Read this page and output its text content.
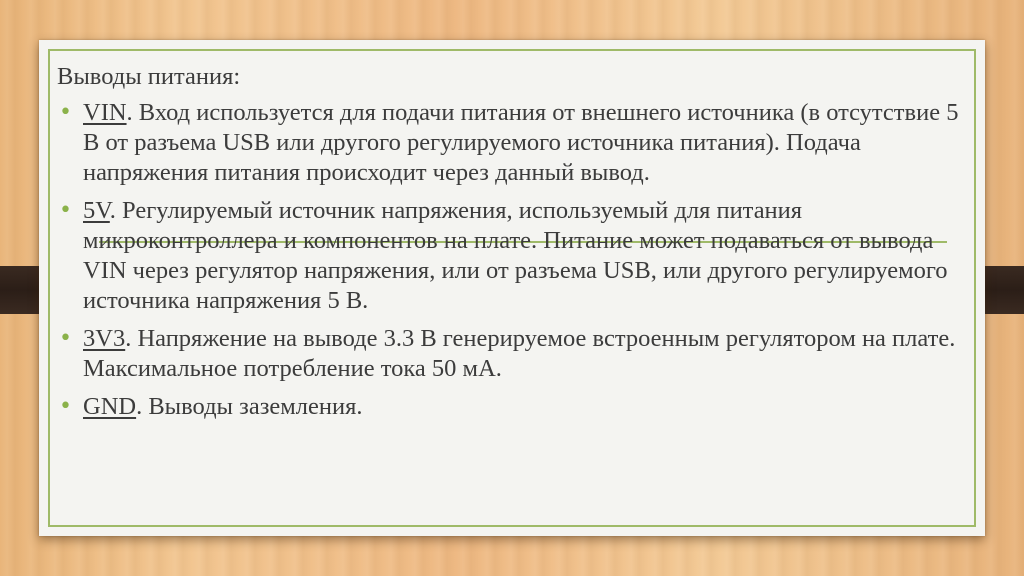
Выводы питания:
• VIN. Вход используется для подачи питания от внешнего источника (в отсутствие 5 В от разъема USB или другого регулируемого источника питания). Подача напряжения питания происходит через данный вывод.
• 5V. Регулируемый источник напряжения, используемый для питания микроконтроллера и компонентов на плате. Питание может подаваться от вывода VIN через регулятор напряжения, или от разъема USB, или другого регулируемого источника напряжения 5 В.
• 3V3. Напряжение на выводе 3.3 В генерируемое встроенным регулятором на плате. Максимальное потребление тока 50 мА.
• GND. Выводы заземления.
